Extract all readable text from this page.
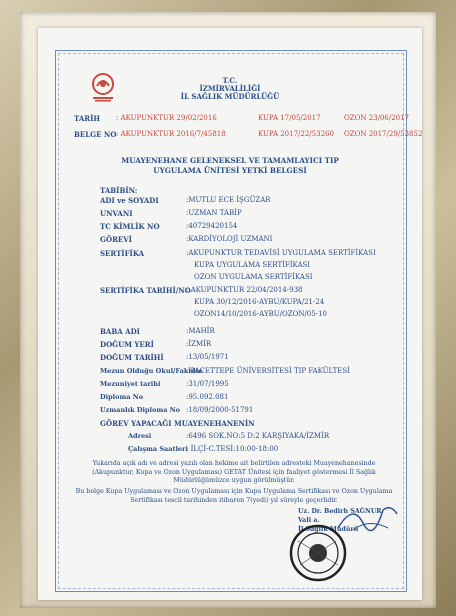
T.C.
İZMİRVALİLİĞİ
İL SAĞLIK MÜDÜRLÜĞÜ
TARİH : AKUPUNKTUR 29/02/2016	KUPA 17/05/2017	OZON 23/06/2017
BELGE NO : AKUPUNKTUR 2016/7/45818	KUPA 2017/22/53260 OZON 2017/29/53852
MUAYENEHANE GELENEKSEL VE TAMAMLAYICI TIP UYGULAMA ÜNİTESİ YETKİ BELGESİ
TABİBİN:
ADI ve SOYADI	:MUTLU ECE İŞGÜZAR
UNVANI	:UZMAN TABİP
TC KİMLİK NO	:40729420154
GÖREVİ	:KARDİYOLOJİ UZMANI
SERTİFİKA	:AKUPUNKTUR TEDAVİSİ UYGULAMA SERTİFİKASI
KUPA UYGULAMA SERTİFİKASI
OZON UYGULAMA SERTİFİKASI
SERTİFİKA TARİHİ/NO
: AKUPUNKTUR 22/04/2014-938
KUPA 30/12/2016-AYBU/KUPA/21-24
OZON14/10/2016-AYBU/OZON/05-10
BABA ADI	:MAHİR
DOĞUM YERİ	:İZMİR
DOĞUM TARİHİ	:13/05/1971
Mezun Olduğu Okul/Fakülte
:HACETTEPE ÜNİVERSİTESİ TIP FAKÜLTESİ
Mezuniyet tarihi	:31/07/1995
Diploma No	:95.092.081
Uzmanlık Diploma No :18/09/2000-51791
GÖREV YAPACAĞI MUAYENEHANENİN
Adresi	:6496 SOK.NO:5 D:2 KARŞIYAKA/İZMİR
Çalışma Saatleri
: İLÇİ-C.TESİ:10:00-18:00
Yukarıda açık adı ve adresi yazılı olan hekime ait belirtilen adresteki Muayenehanesinde (Akupunktur, Kupa ve Ozon Uygulaması) GETAT Ünitesi için faaliyet göstermesi İl Sağlık Müdürlüğümüzce uygun görülmüştür.
Bu belge Kupa Uygulaması ve Ozon Uygulaması için Kupa Uygulama Sertifikası ve Ozon Uygulama Sertifikası tescil tarihinden itibaren 7(yedi) yıl süreyle geçerlidir.
Uz. Dr. Bedirh SAĞNUR
Vali a.
İl Sağlık Müdürü
